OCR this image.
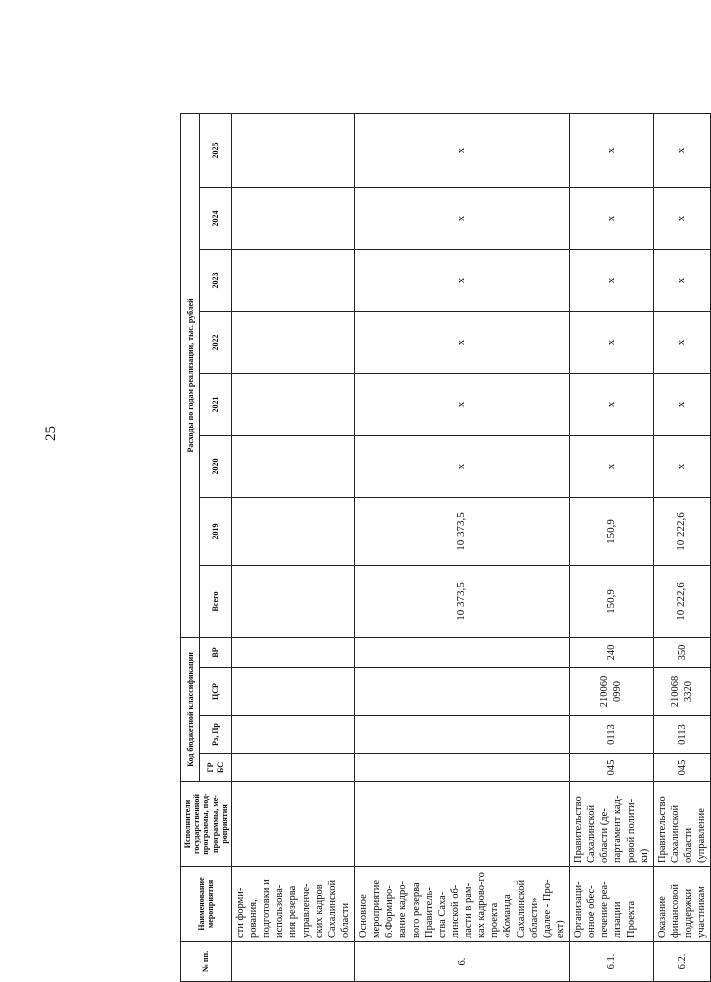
25
№ пп.	Наименование мероприятия	Исполнители государственной программы, под-программы, ме-роприятия	Код бюджетной классификации				Расходы по годам реализации, тыс. рублей							
			ГР БС	Рз, Пр	ЦСР	ВР	Всего	2019	2020	2021	2022	2023	2024	2025
	сти форми-рования, подготовки и использова-ния резерва управленче-ских кадров Сахалинской области													
6.	Основное мероприятие 6.Формиро-вание кадро-вого резерва Правитель-ства Саха-линской об-ласти в рам-ках кадрово-го проекта «Команда Сахалинской области» (далее - Про-ект)						10 373,5	10 373,5	x	x	x	x	x	x
6.1.	Организаци-онное обес-печение реа-лизации Проекта	Правительство Сахалинской области (де-партамент кад-ровой полити-ки)	045	0113	210060 0990	240	150,9	150,9	x	x	x	x	x	x
6.2.	Оказание финансовой поддержки участникам	Правительство Сахалинской области (управление	045	0113	210068 3320	350	10 222,6	10 222,6	x	x	x	x	x	x
